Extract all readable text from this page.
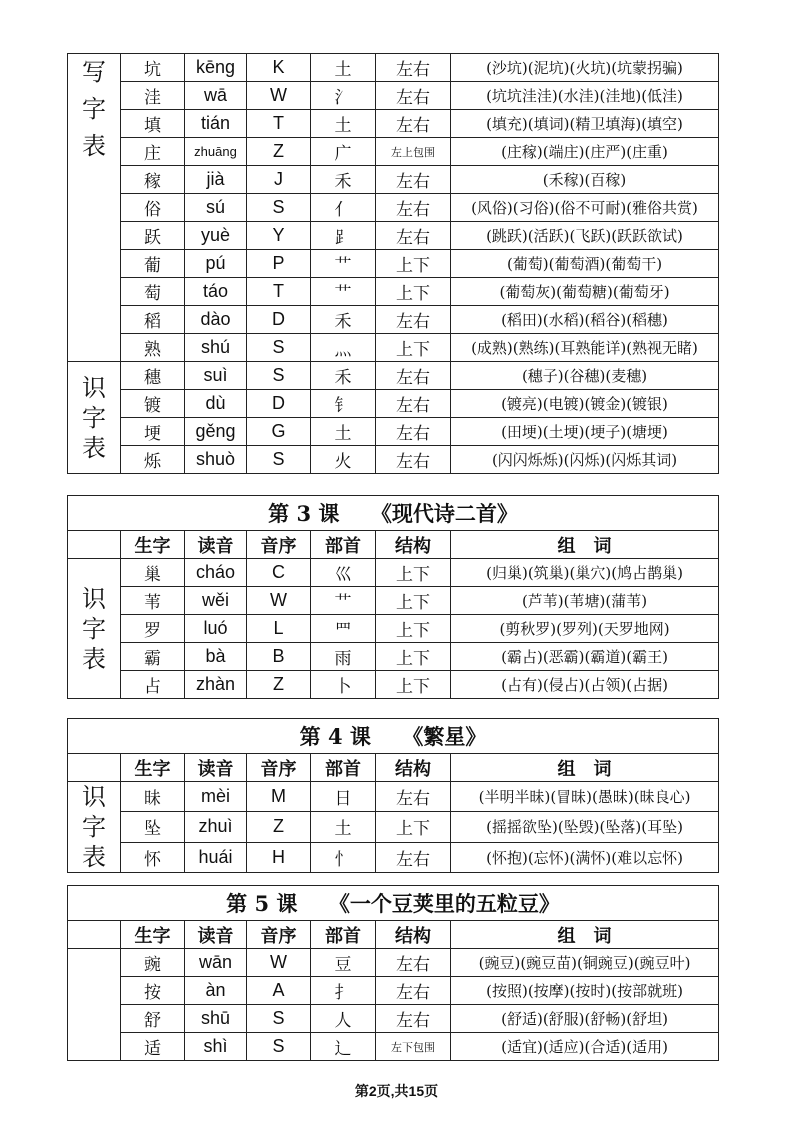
写字表	坑	kēng	K	土	左右	(沙坑)(泥坑)(火坑)(坑蒙拐骗)
	洼	wā	W	氵	左右	(坑坑洼洼)(水洼)(洼地)(低洼)
	填	tián	T	土	左右	(填充)(填词)(精卫填海)(填空)
	庄	zhuāng	Z	广	左上包围	(庄稼)(端庄)(庄严)(庄重)
	稼	jià	J	禾	左右	(禾稼)(百稼)
	俗	sú	S	亻	左右	(风俗)(习俗)(俗不可耐)(雅俗共赏)
	跃	yuè	Y	⻊	左右	(跳跃)(活跃)(飞跃)(跃跃欲试)
	葡	pú	P	艹	上下	(葡萄)(葡萄酒)(葡萄干)
	萄	táo	T	艹	上下	(葡萄灰)(葡萄糖)(葡萄牙)
	稻	dào	D	禾	左右	(稻田)(水稻)(稻谷)(稻穗)
	熟	shú	S	灬	上下	(成熟)(熟练)(耳熟能详)(熟视无睹)
识字表	穗	suì	S	禾	左右	(穗子)(谷穗)(麦穗)
	镀	dù	D	钅	左右	(镀亮)(电镀)(镀金)(镀银)
	埂	gěng	G	土	左右	(田埂)(土埂)(埂子)(塘埂)
	烁	shuò	S	火	左右	(闪闪烁烁)(闪烁)(闪烁其词)
第 3 课　　《现代诗二首》						
	生字	读音	音序	部首	结构	组　词
识字表	巢	cháo	C	巛	上下	(归巢)(筑巢)(巢穴)(鸠占鹊巢)
	苇	wěi	W	艹	上下	(芦苇)(苇塘)(蒲苇)
	罗	luó	L	罒	上下	(剪秋罗)(罗列)(天罗地网)
	霸	bà	B	雨	上下	(霸占)(恶霸)(霸道)(霸王)
	占	zhàn	Z	卜	上下	(占有)(侵占)(占领)(占据)
第 4 课　　《繁星》						
	生字	读音	音序	部首	结构	组　词
识字表	昧	mèi	M	日	左右	(半明半昧)(冒昧)(愚昧)(昧良心)
	坠	zhuì	Z	土	上下	(摇摇欲坠)(坠毁)(坠落)(耳坠)
	怀	huái	H	忄	左右	(怀抱)(忘怀)(满怀)(难以忘怀)
第 5 课　　《一个豆荚里的五粒豆》						
	生字	读音	音序	部首	结构	组　词
	豌	wān	W	豆	左右	(豌豆)(豌豆苗)(铜豌豆)(豌豆叶)
	按	àn	A	扌	左右	(按照)(按摩)(按时)(按部就班)
	舒	shū	S	人	左右	(舒适)(舒服)(舒畅)(舒坦)
	适	shì	S	辶	左下包围	(适宜)(适应)(合适)(适用)
第2页,共15页
